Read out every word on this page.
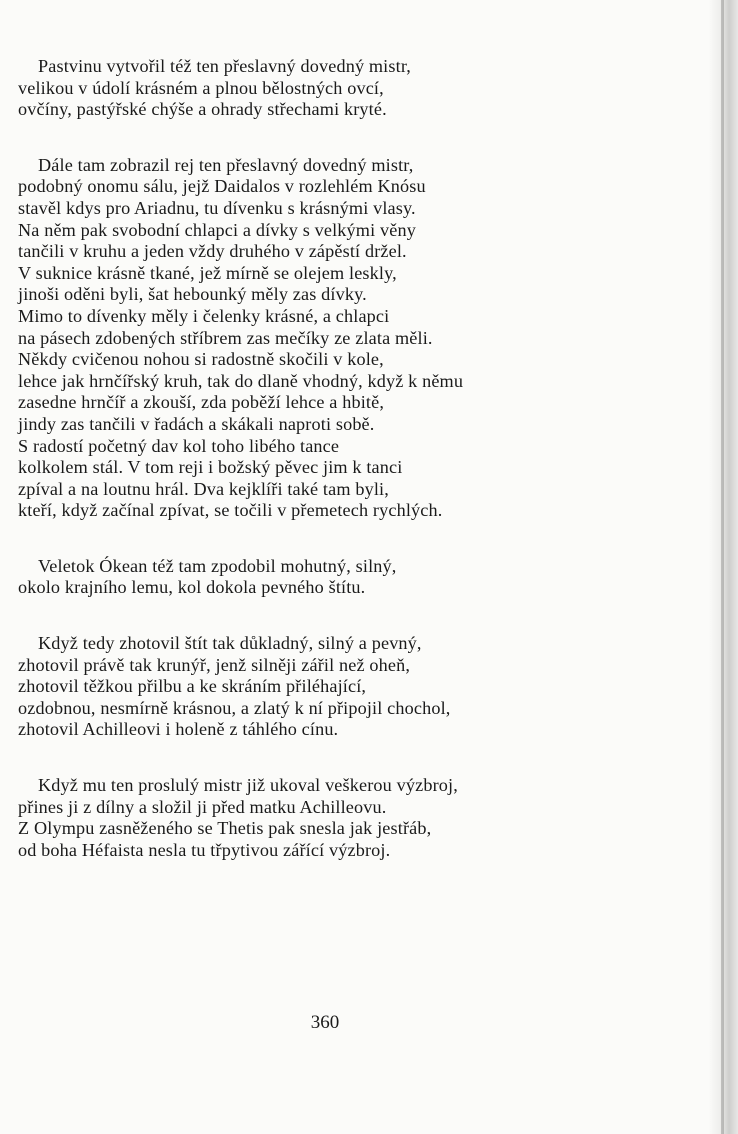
Pastvinu vytvořil též ten přeslavný dovedný mistr,
velikou v údolí krásném a plnou bělostných ovcí,
ovčíny, pastýřské chýše a ohrady střechami kryté.
Dále tam zobrazil rej ten přeslavný dovedný mistr,
podobný onomu sálu, jejž Daidalos v rozlehlém Knósu
stavěl kdys pro Ariadnu, tu dívenku s krásnými vlasy.
Na něm pak svobodní chlapci a dívky s velkými věny
tančili v kruhu a jeden vždy druhého v zápěstí držel.
V suknice krásně tkané, jež mírně se olejem leskly,
jinoši oděni byli, šat hebounký měly zas dívky.
Mimo to dívenky měly i čelenky krásné, a chlapci
na pásech zdobených stříbrem zas mečíky ze zlata měli.
Někdy cvičenou nohou si radostně skočili v kole,
lehce jak hrnčířský kruh, tak do dlaně vhodný, když k němu
zasedne hrnčíř a zkouší, zda poběží lehce a hbitě,
jindy zas tančili v řadách a skákali naproti sobě.
S radostí početný dav kol toho libého tance
kolkolem stál. V tom reji i božský pěvec jim k tanci
zpíval a na loutnu hrál. Dva kejklíři také tam byli,
kteří, když začínal zpívat, se točili v přemetech rychlých.
Veletok Ókean též tam zpodobil mohutný, silný,
okolo krajního lemu, kol dokola pevného štítu.
Když tedy zhotovil štít tak důkladný, silný a pevný,
zhotovil právě tak krunýř, jenž silněji zářil než oheň,
zhotovil těžkou přilbu a ke skráním přiléhající,
ozdobnou, nesmírně krásnou, a zlatý k ní připojil chochol,
zhotovil Achilleovi i holeně z táhlého cínu.
Když mu ten proslulý mistr již ukoval veškerou výzbroj,
přines ji z dílny a složil ji před matku Achilleovu.
Z Olympu zasněženého se Thetis pak snesla jak jestřáb,
od boha Héfaista nesla tu třpytivou zářící výzbroj.
360
